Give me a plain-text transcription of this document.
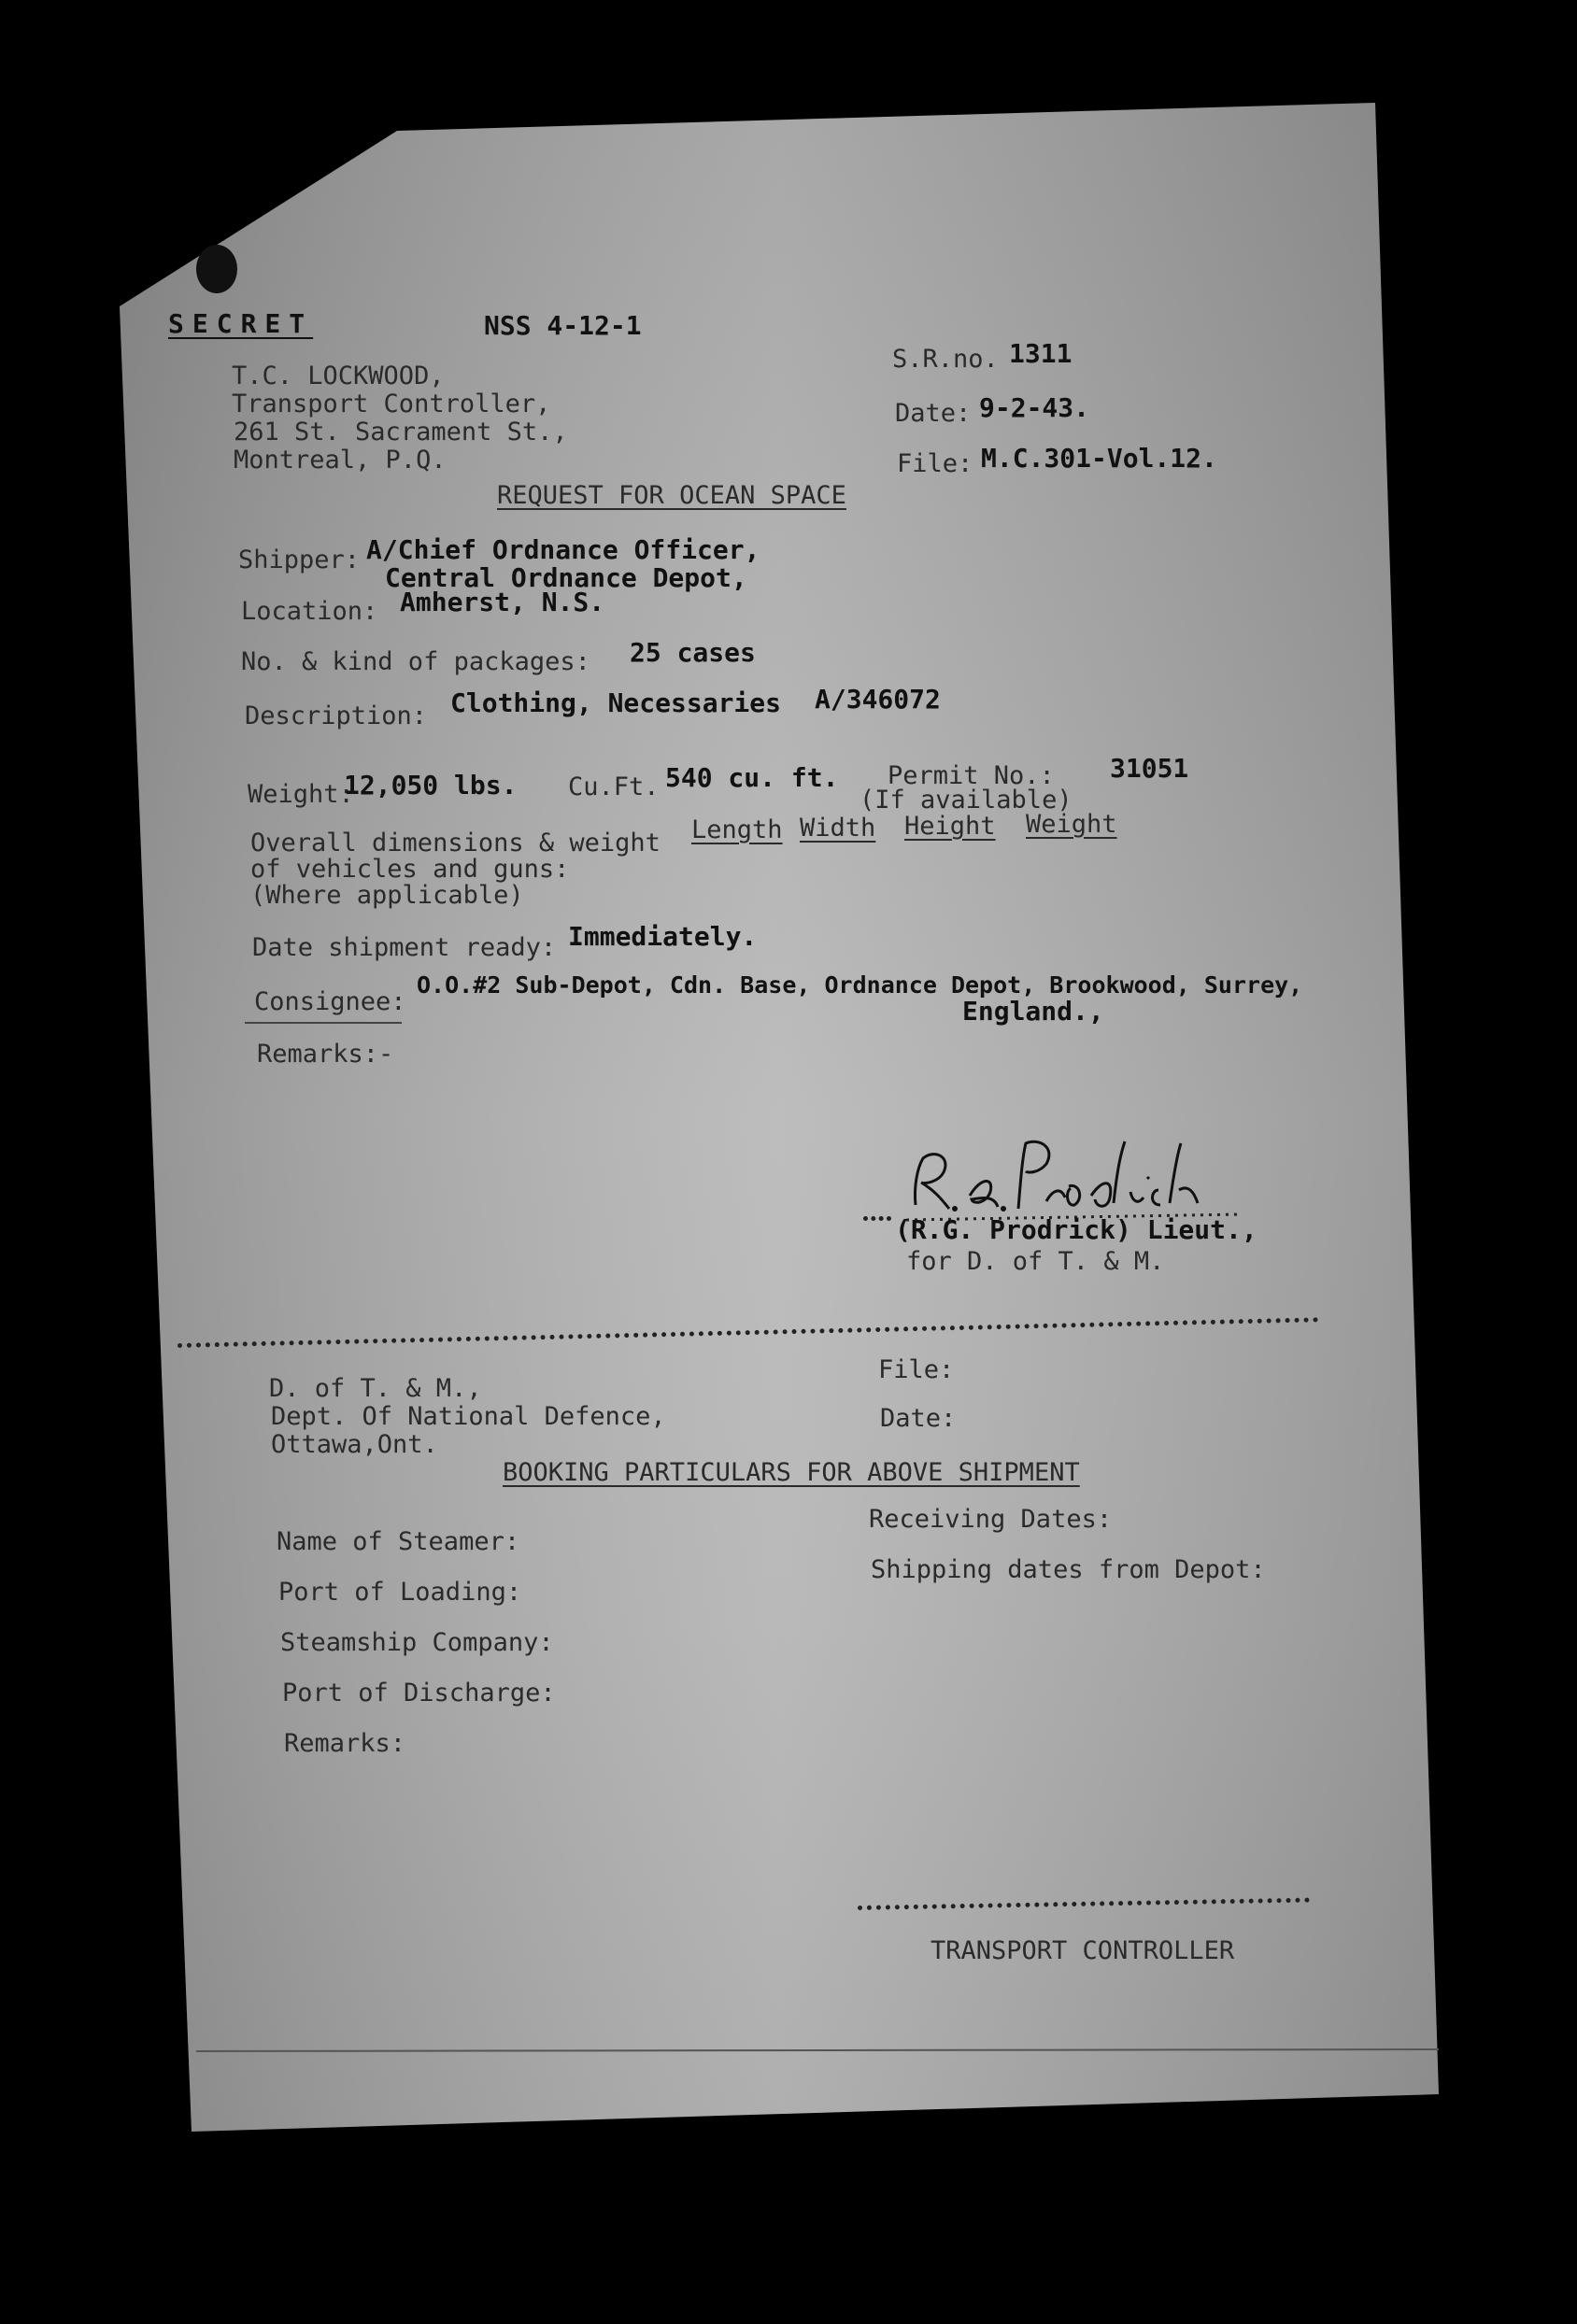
SECRET	NSS 4-12-1
T.C. LOCKWOOD,
Transport Controller,
261 St. Sacrament St.,
Montreal, P.Q.
S.R.no. 1311
Date: 9-2-43.
File: M.C.301-Vol.12.
REQUEST FOR OCEAN SPACE
Shipper: A/Chief Ordnance Officer,
Central Ordnance Depot,
Location: Amherst, N.S.
No. & kind of packages: 25 cases
Description: Clothing, Necessaries A/346072
Weight:
12,050 lbs. Cu.Ft. 540 cu. ft. Permit No.: 31051
(If available)
Overall dimensions & weight
of vehicles and guns:
(Where applicable)
Length Width Height Weight
Date shipment ready: Immediately.
Consignee:
O.O.#2 Sub-Depot, Cdn. Base, Ordnance Depot, Brookwood, Surrey,
England.,
Remarks:-
(R.G. Prodrick) Lieut.,
for D. of T. & M.
D. of T. & M.,
Dept. Of National Defence,
Ottawa,Ont.
File:
Date:
BOOKING PARTICULARS FOR ABOVE SHIPMENT
Name of Steamer:
Port of Loading:
Steamship Company:
Port of Discharge:
Remarks:
Receiving Dates:
Shipping dates from Depot:
TRANSPORT CONTROLLER
